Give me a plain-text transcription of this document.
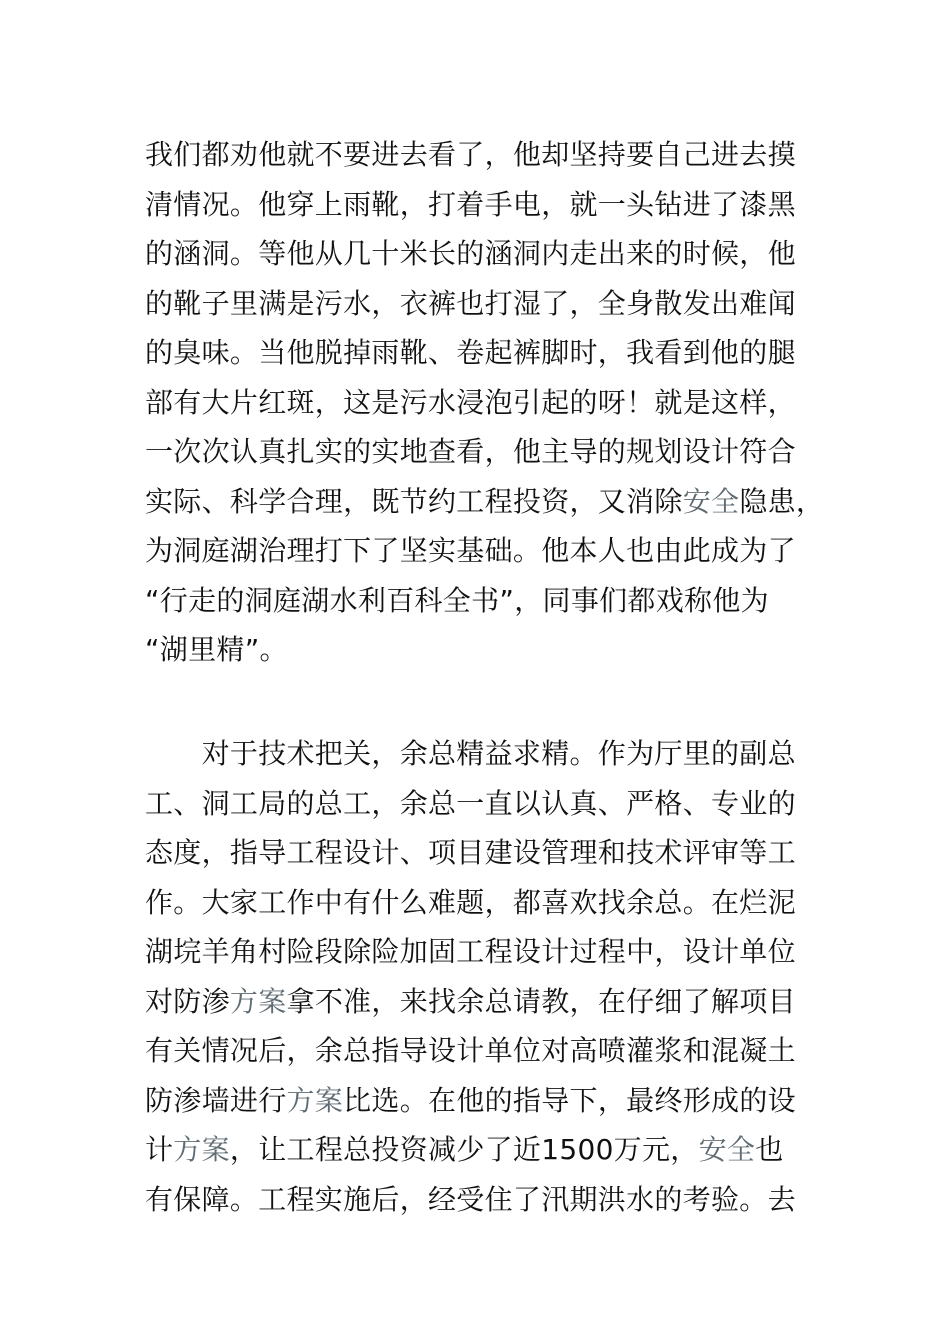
我们都劝他就不要进去看了，他却坚持要自己进去摸
清情况。他穿上雨靴，打着手电，就一头钻进了漆黑
的涵洞。等他从几十米长的涵洞内走出来的时候，他
的靴子里满是污水，衣裤也打湿了，全身散发出难闻
的臭味。当他脱掉雨靴、卷起裤脚时，我看到他的腿
部有大片红斑，这是污水浸泡引起的呀！就是这样，
一次次认真扎实的实地查看，他主导的规划设计符合
实际、科学合理，既节约工程投资，又消除安全隐患，
为洞庭湖治理打下了坚实基础。他本人也由此成为了
“行走的洞庭湖水利百科全书”，同事们都戏称他为
“湖里精”。
　　对于技术把关，余总精益求精。作为厅里的副总
工、洞工局的总工，余总一直以认真、严格、专业的
态度，指导工程设计、项目建设管理和技术评审等工
作。大家工作中有什么难题，都喜欢找余总。在烂泥
湖垸羊角村险段除险加固工程设计过程中，设计单位
对防渗方案拿不准，来找余总请教，在仔细了解项目
有关情况后，余总指导设计单位对高喷灌浆和混凝土
防渗墙进行方案比选。在他的指导下，最终形成的设
计方案，让工程总投资减少了近1500万元，安全也
有保障。工程实施后，经受住了汛期洪水的考验。去
